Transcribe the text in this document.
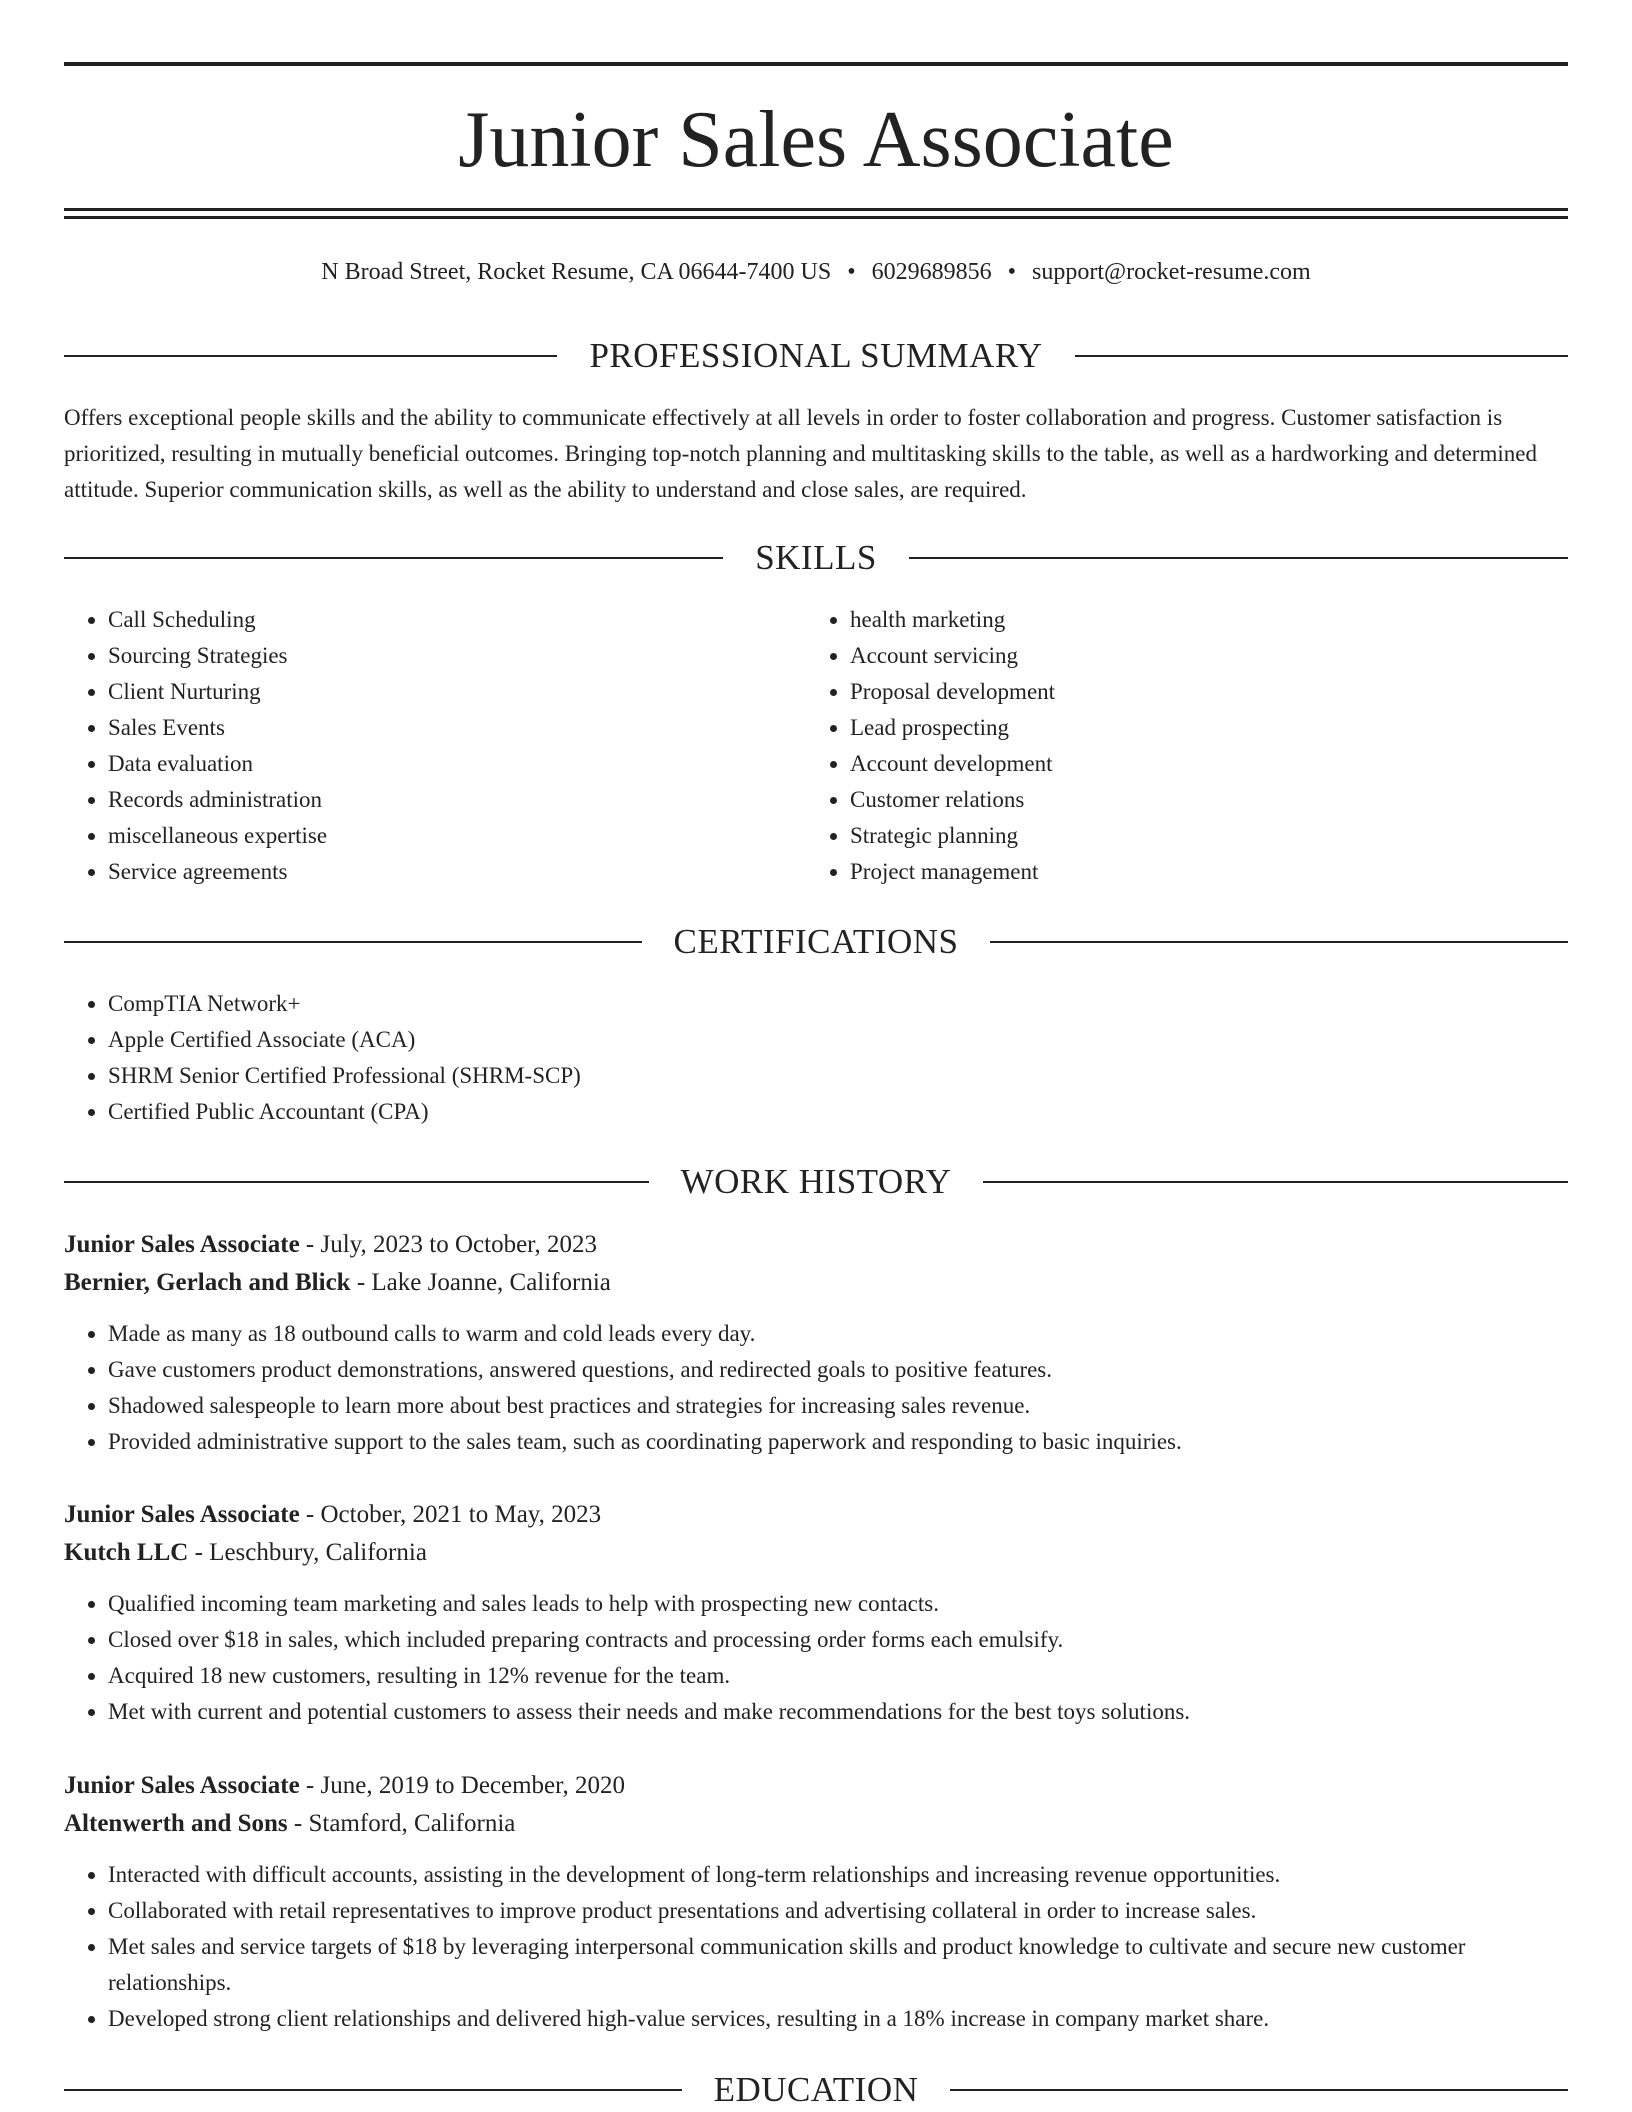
Junior Sales Associate
N Broad Street, Rocket Resume, CA 06644-7400 US • 6029689856 • support@rocket-resume.com
PROFESSIONAL SUMMARY

Offers exceptional people skills and the ability to communicate effectively at all levels in order to foster collaboration and progress. Customer satisfaction is prioritized, resulting in mutually beneficial outcomes. Bringing top-notch planning and multitasking skills to the table, as well as a hardworking and determined attitude. Superior communication skills, as well as the ability to understand and close sales, are required.

SKILLS
• Call Scheduling
• Sourcing Strategies
• Client Nurturing
• Sales Events
• Data evaluation
• Records administration
• miscellaneous expertise
• Service agreements
• health marketing
• Account servicing
• Proposal development
• Lead prospecting
• Account development
• Customer relations
• Strategic planning
• Project management
CERTIFICATIONS
• CompTIA Network+
• Apple Certified Associate (ACA)
• SHRM Senior Certified Professional (SHRM-SCP)
• Certified Public Accountant (CPA)
WORK HISTORY

Junior Sales Associate - July, 2023 to October, 2023

Bernier, Gerlach and Blick - Lake Joanne, California

• Made as many as 18 outbound calls to warm and cold leads every day.
• Gave customers product demonstrations, answered questions, and redirected goals to positive features.
• Shadowed salespeople to learn more about best practices and strategies for increasing sales revenue.
• Provided administrative support to the sales team, such as coordinating paperwork and responding to basic inquiries.

Junior Sales Associate - October, 2021 to May, 2023

Kutch LLC - Leschbury, California

• Qualified incoming team marketing and sales leads to help with prospecting new contacts.
• Closed over $18 in sales, which included preparing contracts and processing order forms each emulsify.
• Acquired 18 new customers, resulting in 12% revenue for the team.
• Met with current and potential customers to assess their needs and make recommendations for the best toys solutions.

Junior Sales Associate - June, 2019 to December, 2020

Altenwerth and Sons - Stamford, California

• Interacted with difficult accounts, assisting in the development of long-term relationships and increasing revenue opportunities.
• Collaborated with retail representatives to improve product presentations and advertising collateral in order to increase sales.
• Met sales and service targets of $18 by leveraging interpersonal communication skills and product knowledge to cultivate and secure new customer relationships.
• Developed strong client relationships and delivered high-value services, resulting in a 18% increase in company market share.
EDUCATION
